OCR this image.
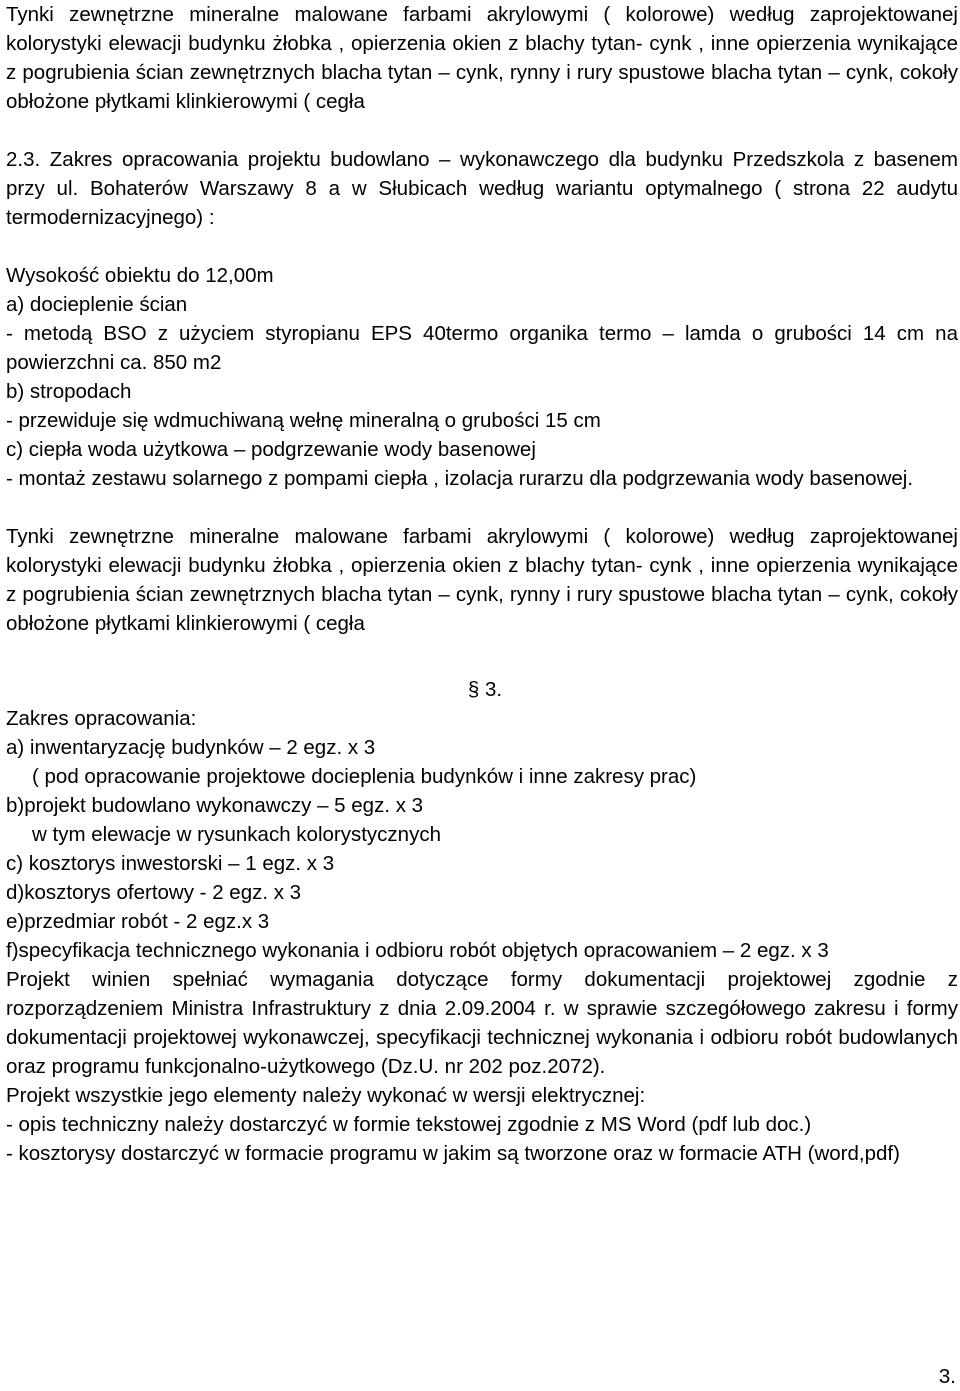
Tynki zewnętrzne mineralne malowane farbami akrylowymi ( kolorowe) według zaprojektowanej kolorystyki elewacji budynku żłobka , opierzenia okien z blachy tytan- cynk , inne opierzenia wynikające z pogrubienia ścian zewnętrznych blacha tytan – cynk, rynny i rury spustowe blacha tytan – cynk, cokoły obłożone płytkami klinkierowymi ( cegła
2.3. Zakres opracowania projektu budowlano – wykonawczego dla budynku Przedszkola z basenem przy ul. Bohaterów Warszawy 8 a w Słubicach według wariantu optymalnego ( strona 22 audytu termodernizacyjnego) :
Wysokość obiektu do 12,00m
a) docieplenie ścian
- metodą BSO z użyciem styropianu EPS 40termo organika termo – lamda o grubości 14 cm na powierzchni ca. 850 m2
b) stropodach
- przewiduje się wdmuchiwaną wełnę mineralną o grubości 15 cm
c) ciepła woda użytkowa – podgrzewanie wody basenowej
- montaż zestawu solarnego z pompami ciepła , izolacja rurarzu dla podgrzewania wody basenowej.
Tynki zewnętrzne mineralne malowane farbami akrylowymi ( kolorowe) według zaprojektowanej kolorystyki elewacji budynku żłobka , opierzenia okien z blachy tytan- cynk , inne opierzenia wynikające z pogrubienia ścian zewnętrznych blacha tytan – cynk, rynny i rury spustowe blacha tytan – cynk, cokoły obłożone płytkami klinkierowymi ( cegła
§ 3.
Zakres opracowania:
a) inwentaryzację budynków – 2 egz. x 3
( pod opracowanie projektowe docieplenia budynków i inne zakresy prac)
b)projekt budowlano wykonawczy – 5 egz. x 3
w tym elewacje w rysunkach kolorystycznych
c) kosztorys inwestorski – 1 egz. x 3
d)kosztorys ofertowy - 2 egz. x 3
e)przedmiar robót - 2 egz.x 3
f)specyfikacja technicznego wykonania i odbioru robót objętych opracowaniem – 2 egz. x 3
Projekt winien spełniać wymagania dotyczące formy dokumentacji projektowej zgodnie z rozporządzeniem Ministra Infrastruktury z dnia 2.09.2004 r. w sprawie szczegółowego zakresu i formy dokumentacji projektowej wykonawczej, specyfikacji technicznej wykonania i odbioru robót budowlanych oraz programu funkcjonalno-użytkowego (Dz.U. nr 202 poz.2072).
Projekt wszystkie jego elementy należy wykonać w wersji elektrycznej:
- opis techniczny należy dostarczyć w formie tekstowej zgodnie z MS Word (pdf lub doc.)
- kosztorysy dostarczyć w formacie programu w jakim są tworzone oraz w formacie ATH (word,pdf)
3.
